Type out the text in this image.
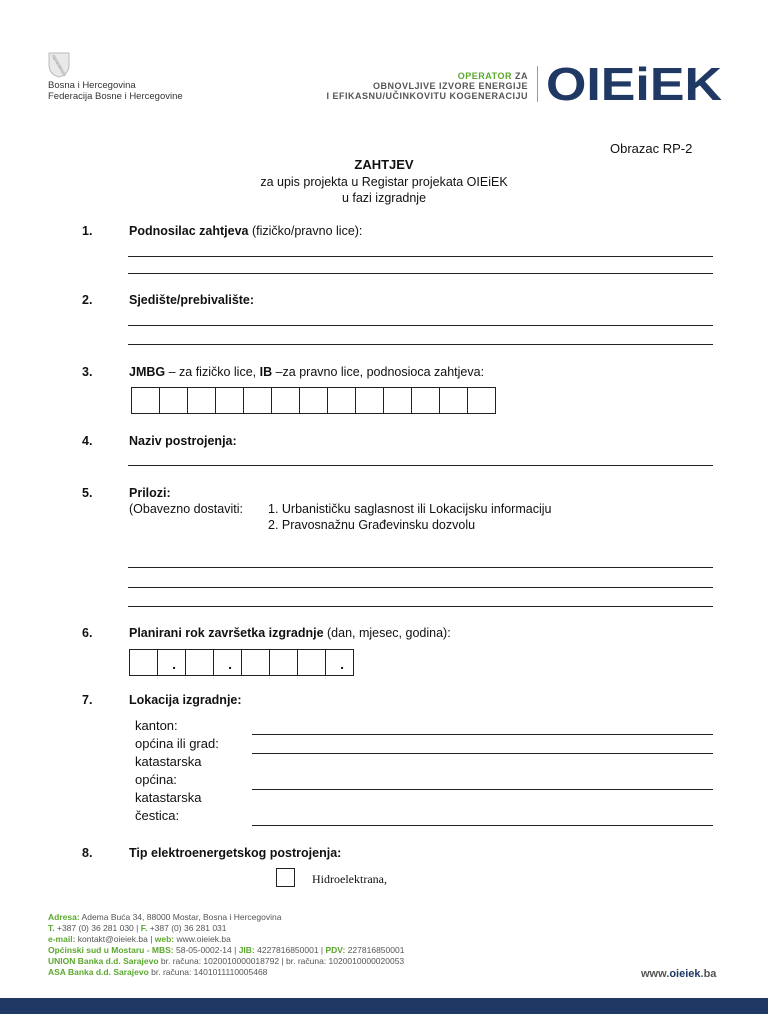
Bosna i Hercegovina
Federacija Bosne i Hercegovine
OPERATOR ZA
OBNOVLJIVE IZVORE ENERGIJE
I EFIKASNU/UČINKOVITU KOGENERACIJU OIEiEK
Obrazac RP-2
ZAHTJEV
za upis projekta u Registar projekata OIEiEK
u fazi izgradnje
1.	Podnosilac zahtjeva (fizičko/pravno lice):
2.	Sjedište/prebivalište:
3.	JMBG – za fizičko lice, IB –za pravno lice, podnosioca zahtjeva:
4.	Naziv postrojenja:
5.	Prilozi:
(Obavezno dostaviti: 1. Urbanističku saglasnost ili Lokacijsku informaciju
2. Pravosnažnu Građevinsku dozvolu
6.	Planirani rok završetka izgradnje (dan, mjesec, godina):
.	.	.
7.	Lokacija izgradnje:
kanton:
općina ili grad:
katastarska
općina:
katastarska
čestica:
8.	Tip elektroenergetskog postrojenja:
Hidroelektrana,
Adresa: Adema Buća 34, 88000 Mostar, Bosna i Hercegovina
T. +387 (0) 36 281 030 | F. +387 (0) 36 281 031
e-mail: kontakt@oieiek.ba | web: www.oieiek.ba
Općinski sud u Mostaru - MBS: 58-05-0002-14 | JIB: 4227816850001 | PDV: 227816850001
UNION Banka d.d. Sarajevo br. računa: 1020010000018792 | br. računa: 1020010000020053
ASA Banka d.d. Sarajevo br. računa: 1401011110005468	www.oieiek.ba
